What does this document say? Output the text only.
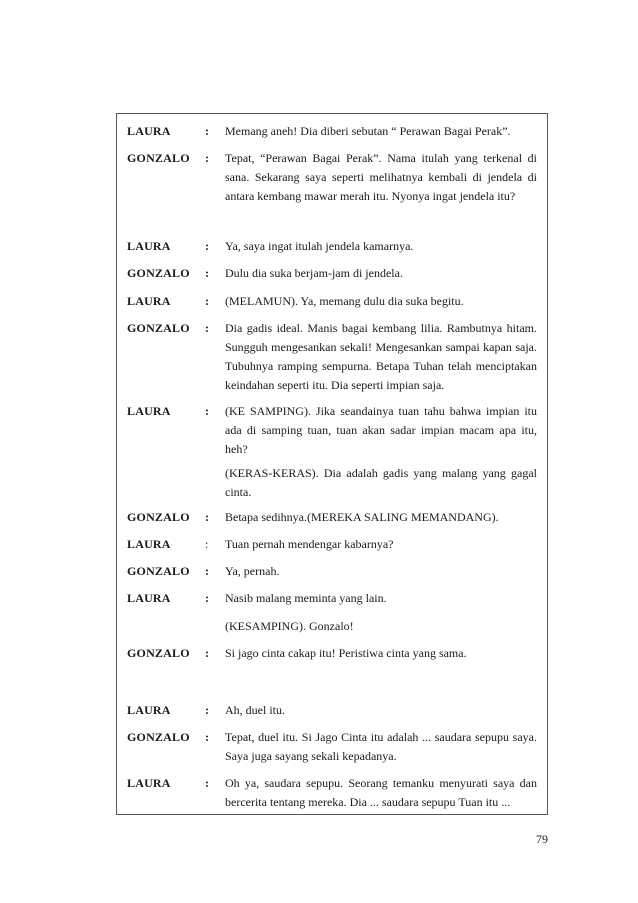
LAURA	: Memang aneh! Dia diberi sebutan “ Perawan Bagai Perak”.
GONZALO : Tepat, “Perawan Bagai Perak”. Nama itulah yang terkenal di sana. Sekarang saya seperti melihatnya kembali di jendela di antara kembang mawar merah itu. Nyonya ingat jendela itu?
LAURA	: Ya, saya ingat itulah jendela kamarnya.
GONZALO : Dulu dia suka berjam-jam di jendela.
LAURA	: (MELAMUN). Ya, memang dulu dia suka begitu.
GONZALO : Dia gadis ideal. Manis bagai kembang lilia. Rambutnya hitam. Sungguh mengesankan sekali! Mengesankan sampai kapan saja. Tubuhnya ramping sempurna. Betapa Tuhan telah menciptakan keindahan seperti itu. Dia seperti impian saja.
LAURA	: (KE SAMPING). Jika seandainya tuan tahu bahwa impian itu ada di samping tuan, tuan akan sadar impian macam apa itu, heh?
(KERAS-KERAS). Dia adalah gadis yang malang yang gagal cinta.
GONZALO : Betapa sedihnya.(MEREKA SALING MEMANDANG).
LAURA	: Tuan pernah mendengar kabarnya?
GONZALO : Ya, pernah.
LAURA	: Nasib malang meminta yang lain.
(KESAMPING). Gonzalo!
GONZALO : Si jago cinta cakap itu! Peristiwa cinta yang sama.
LAURA	: Ah, duel itu.
GONZALO : Tepat, duel itu. Si Jago Cinta itu adalah ... saudara sepupu saya. Saya juga sayang sekali kepadanya.
LAURA	: Oh ya, saudara sepupu. Seorang temanku menyurati saya dan bercerita tentang mereka. Dia ... saudara sepupu Tuan itu ...
79
